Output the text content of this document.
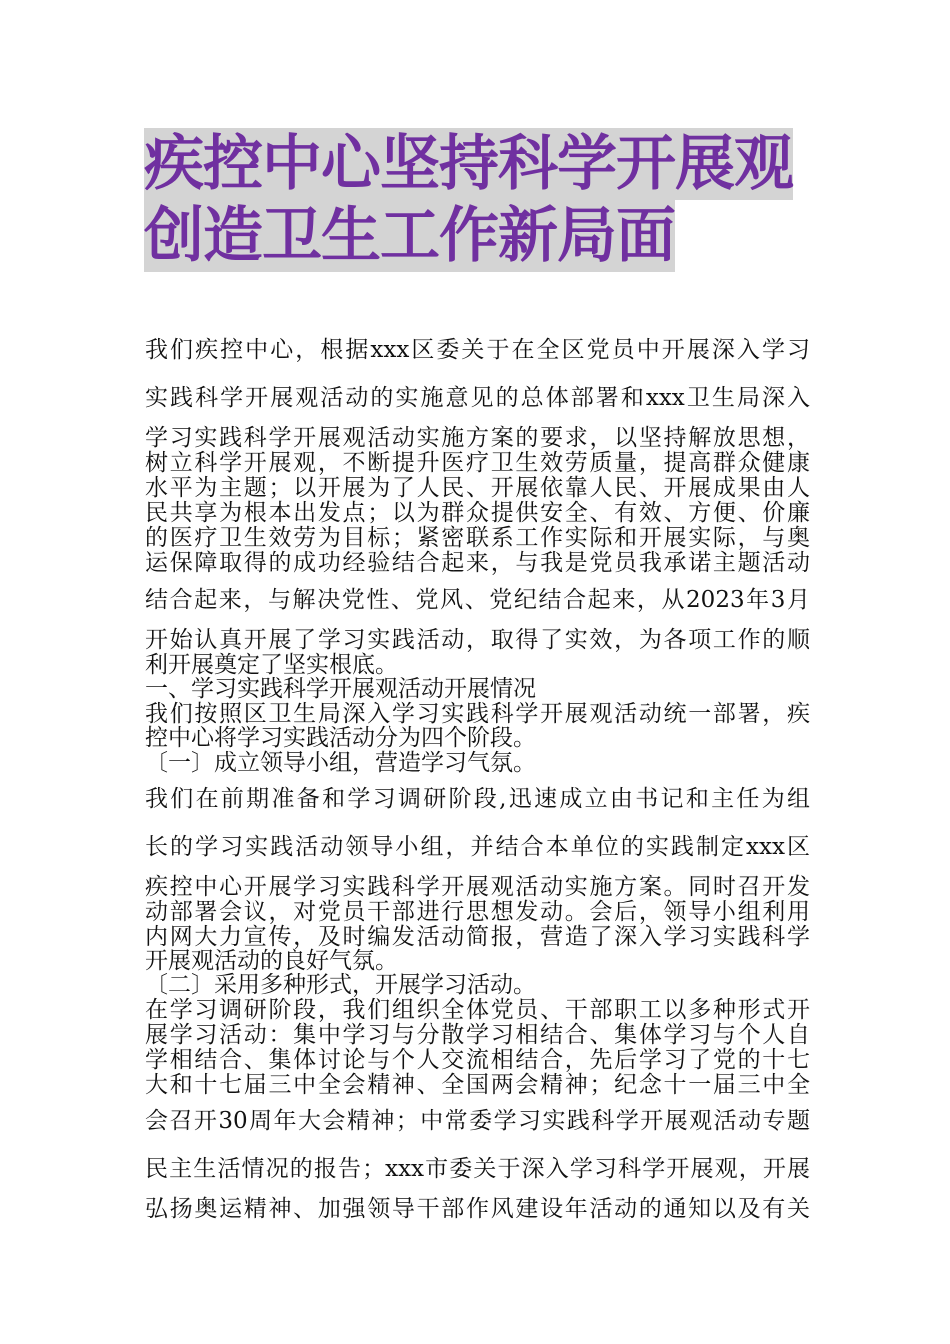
疾控中心坚持科学开展观
创造卫生工作新局面
我们疾控中心，根据xxx区委关于在全区党员中开展深入学习
实践科学开展观活动的实施意见的总体部署和xxx卫生局深入
学习实践科学开展观活动实施方案的要求，以坚持解放思想，
树立科学开展观，不断提升医疗卫生效劳质量，提高群众健康
水平为主题；以开展为了人民、开展依靠人民、开展成果由人
民共享为根本出发点；以为群众提供安全、有效、方便、价廉
的医疗卫生效劳为目标；紧密联系工作实际和开展实际，与奥
运保障取得的成功经验结合起来，与我是党员我承诺主题活动
结合起来，与解决党性、党风、党纪结合起来，从2023年3月
开始认真开展了学习实践活动，取得了实效，为各项工作的顺
利开展奠定了坚实根底。
一、学习实践科学开展观活动开展情况
我们按照区卫生局深入学习实践科学开展观活动统一部署，疾
控中心将学习实践活动分为四个阶段。
〔一〕成立领导小组，营造学习气氛。
我们在前期准备和学习调研阶段,迅速成立由书记和主任为组
长的学习实践活动领导小组，并结合本单位的实践制定xxx区
疾控中心开展学习实践科学开展观活动实施方案。同时召开发
动部署会议，对党员干部进行思想发动。会后，领导小组利用
内网大力宣传，及时编发活动简报，营造了深入学习实践科学
开展观活动的良好气氛。
〔二〕采用多种形式，开展学习活动。
在学习调研阶段，我们组织全体党员、干部职工以多种形式开
展学习活动：集中学习与分散学习相结合、集体学习与个人自
学相结合、集体讨论与个人交流相结合，先后学习了党的十七
大和十七届三中全会精神、全国两会精神；纪念十一届三中全
会召开30周年大会精神；中常委学习实践科学开展观活动专题
民主生活情况的报告；xxx市委关于深入学习科学开展观，开展
弘扬奥运精神、加强领导干部作风建设年活动的通知以及有关
